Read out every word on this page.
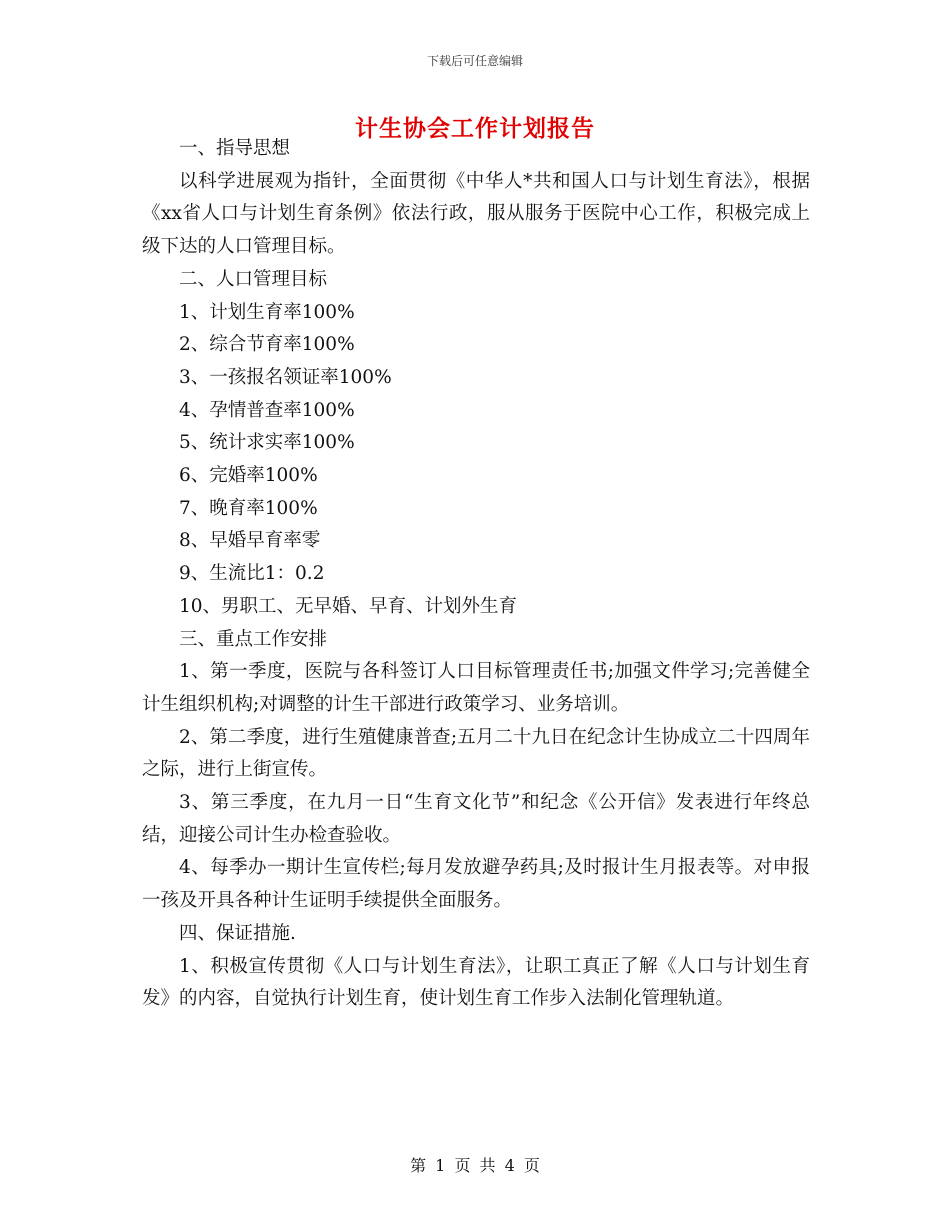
下载后可任意编辑
计生协会工作计划报告

一、指导思想

以科学进展观为指针，全面贯彻《中华人*共和国人口与计划生育法》，根据《xx省人口与计划生育条例》依法行政，服从服务于医院中心工作，积极完成上级下达的人口管理目标。

二、人口管理目标

1、计划生育率100%

2、综合节育率100%

3、一孩报名领证率100%

4、孕情普查率100%

5、统计求实率100%

6、完婚率100%

7、晚育率100%

8、早婚早育率零

9、生流比1：0.2

10、男职工、无早婚、早育、计划外生育

三、重点工作安排

1、第一季度，医院与各科签订人口目标管理责任书;加强文件学习;完善健全计生组织机构;对调整的计生干部进行政策学习、业务培训。

2、第二季度，进行生殖健康普查;五月二十九日在纪念计生协成立二十四周年之际，进行上街宣传。

3、第三季度，在九月一日“生育文化节”和纪念《公开信》发表进行年终总结，迎接公司计生办检查验收。

4、每季办一期计生宣传栏;每月发放避孕药具;及时报计生月报表等。对申报一孩及开具各种计生证明手续提供全面服务。

四、保证措施.

1、积极宣传贯彻《人口与计划生育法》，让职工真正了解《人口与计划生育发》的内容，自觉执行计划生育，使计划生育工作步入法制化管理轨道。

第 1 页 共 4 页
